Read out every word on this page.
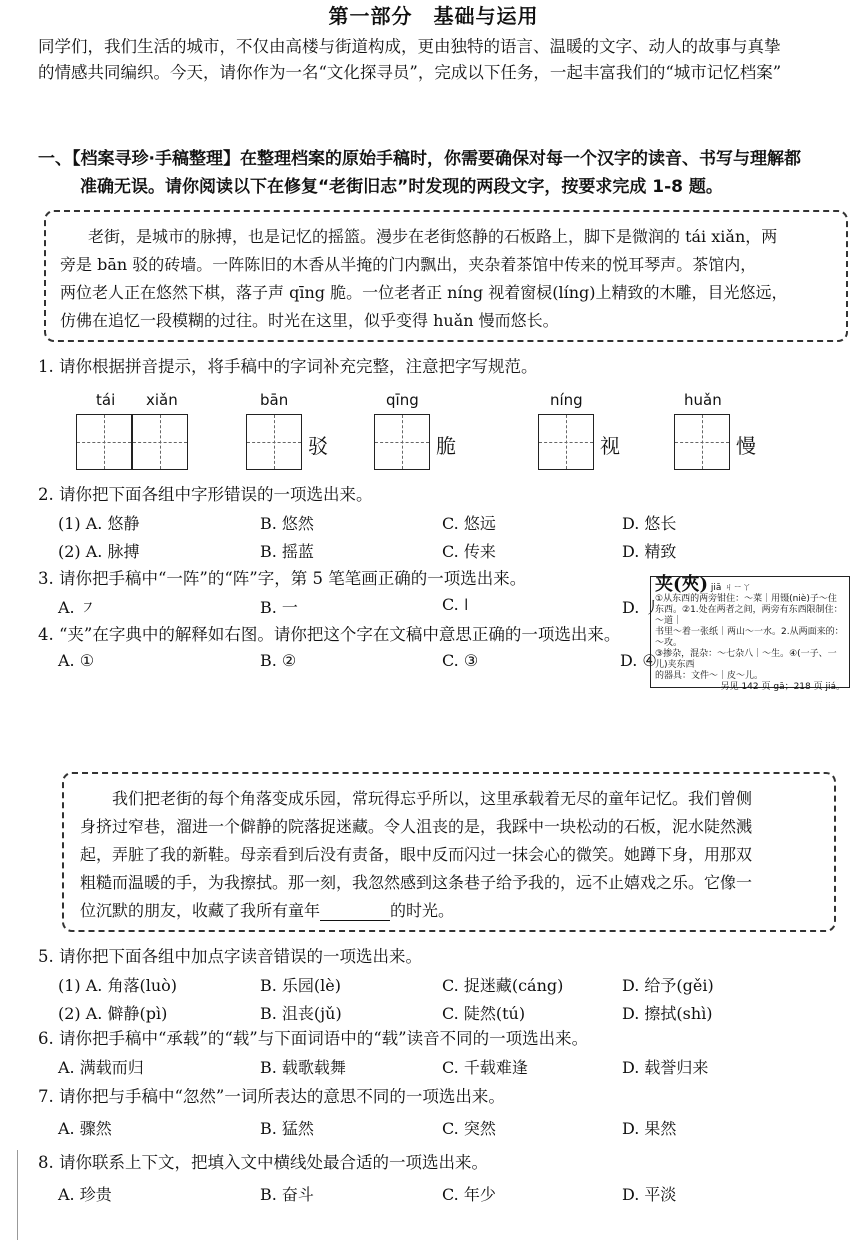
同学们，我们生活的城市，不仅由高楼与街道构成，更由独特的语言、温暖的文字、动人的故事与真挚
的情感共同编织。今天，请你作为一名“文化探寻员”，完成以下任务，一起丰富我们的“城市记忆档案”
第一部分　基础与运用
一、【档案寻珍·手稿整理】在整理档案的原始手稿时，你需要确保对每一个汉字的读音、书写与理解都
准确无误。请你阅读以下在修复“老街旧志”时发现的两段文字，按要求完成 1-8 题。
老街，是城市的脉搏，也是记忆的摇篮。漫步在老街悠静的石板路上，脚下是微润的 tái xiǎn，两
旁是 bān 驳的砖墙。一阵陈旧的木香从半掩的门内飘出，夹杂着茶馆中传来的悦耳琴声。茶馆内，
两位老人正在悠然下棋，落子声 qīng 脆。一位老者正 níng 视着窗棂(líng)上精致的木雕，目光悠远，
仿佛在追忆一段模糊的过往。时光在这里，似乎变得 huǎn 慢而悠长。
1. 请你根据拼音提示，将手稿中的字词补充完整，注意把字写规范。
tái xiǎn	bān	qīng	níng	huǎn
驳	脆	视	慢
2. 请你把下面各组中字形错误的一项选出来。
(1) A. 悠静	B. 悠然	C. 悠远	D. 悠长
(2) A. 脉搏	B. 摇蓝	C. 传来	D. 精致
3. 请你把手稿中“一阵”的“阵”字，第 5 笔笔画正确的一项选出来。
A. ㇇	B. 一	C. ǀ	D. 丿
4. “夹”在字典中的解释如右图。请你把这个字在文稿中意思正确的一项选出来。
A. ①	B. ②	C. ③	D. ④
夹(夾) jiā ㄐㄧㄚ
①从东西的两旁钳住：～菜｜用镊(niè)子～住
东西。②1.处在两者之间，两旁有东西限制住：～道｜
书里～着一张纸｜两山～一水。2.从两面来的：～攻。
③掺杂，混杂：～七杂八｜～生。④(一子、一儿)夹东西
的器具：文件～｜皮～儿。
另见 142 页 gā；218 页 jiá。
我们把老街的每个角落变成乐园，常玩得忘乎所以，这里承载着无尽的童年记忆。我们曾侧
身挤过窄巷，溜进一个僻静的院落捉迷藏。令人沮丧的是，我踩中一块松动的石板，泥水陡然溅
起，弄脏了我的新鞋。母亲看到后没有责备，眼中反而闪过一抹会心的微笑。她蹲下身，用那双
粗糙而温暖的手，为我擦拭。那一刻，我忽然感到这条巷子给予我的，远不止嬉戏之乐。它像一
位沉默的朋友，收藏了我所有童年	的时光。
5. 请你把下面各组中加点字读音错误的一项选出来。
(1) A. 角落(luò)	B. 乐园(lè)	C. 捉迷藏(cáng)	D. 给予(gěi)
(2) A. 僻静(pì)	B. 沮丧(jǔ)	C. 陡然(tú)	D. 擦拭(shì)
6. 请你把手稿中“承载”的“载”与下面词语中的“载”读音不同的一项选出来。
A. 满载而归	B. 载歌载舞	C. 千载难逢	D. 载誉归来
7. 请你把与手稿中“忽然”一词所表达的意思不同的一项选出来。
A. 骤然	B. 猛然	C. 突然	D. 果然
8. 请你联系上下文，把填入文中横线处最合适的一项选出来。
A. 珍贵	B. 奋斗	C. 年少	D. 平淡
